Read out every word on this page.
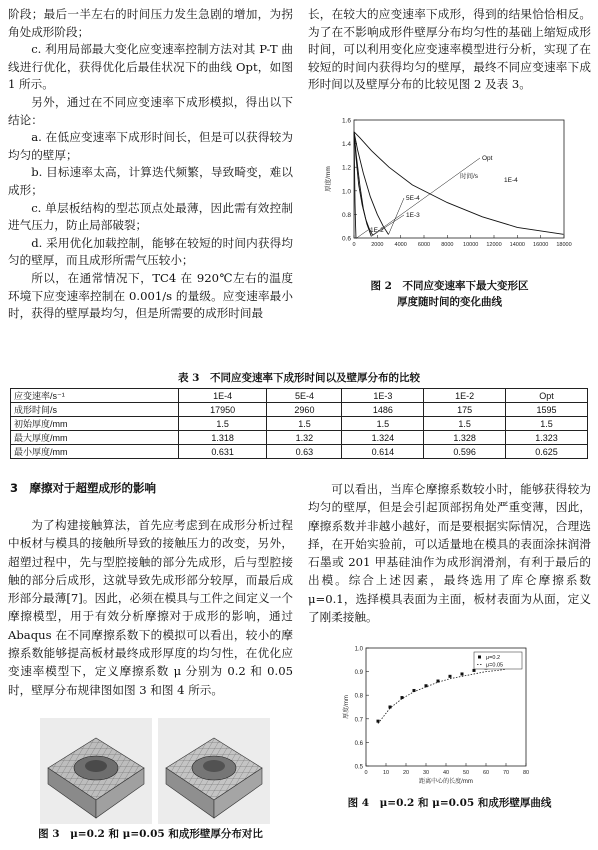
阶段；最后一半左右的时间压力发生急剧的增加，为拐角处成形阶段；

c. 利用局部最大变化应变速率控制方法对其 P-T 曲线进行优化，获得优化后最佳状况下的曲线 Opt，如图 1 所示。

另外，通过在不同应变速率下成形模拟，得出以下结论：

a. 在低应变速率下成形时间长，但是可以获得较为均匀的壁厚；

b. 目标速率太高，计算迭代频繁，导致畸变，难以成形；

c. 单层板结构的型芯顶点处最薄，因此需有效控制进气压力，防止局部破裂；

d. 采用优化加载控制，能够在较短的时间内获得均匀的壁厚，而且成形所需气压较小；

所以，在通常情况下，TC4 在 920℃左右的温度环境下应变速率控制在 0.001/s 的量级。应变速率最小时，获得的壁厚最均匀，但是所需要的成形时间最

长，在较大的应变速率下成形，得到的结果恰恰相反。为了在不影响成形件壁厚分布均匀性的基础上缩短成形时间，可以利用变化应变速率模型进行分析，实现了在较短的时间内获得均匀的壁厚，最终不同应变速率下成形时间以及壁厚分布的比较见图 2 及表 3。

0.6
0.8
1.0
1.2
1.4
1.6
0	2000 4000 6000 8000 10000 12000 14000 16000 18000
时间/s
厚度/mm	1E-4
5E-4
1E-3
1E-2
Opt
图 2　不同应变速率下最大变形区
厚度随时间的变化曲线
表 3　不同应变速率下成形时间以及壁厚分布的比较
应变速率/s⁻¹	1E-4	5E-4	1E-3	1E-2	Opt
成形时间/s	17950	2960	1486	175	1595
初始厚度/mm	1.5	1.5	1.5	1.5	1.5
最大厚度/mm	1.318	1.32	1.324	1.328	1.323
最小厚度/mm	0.631	0.63	0.614	0.596	0.625
3　摩擦对于超塑成形的影响

为了构建接触算法，首先应考虑到在成形分析过程中板材与模具的接触所导致的接触压力的改变，另外，超塑过程中，先与型腔接触的部分先成形，后与型腔接触的部分后成形，这就导致先成形部分较厚，而最后成形部分最薄[7]。因此，必须在模具与工件之间定义一个摩擦模型，用于有效分析摩擦对于成形的影响，通过 Abaqus 在不同摩擦系数下的模拟可以看出，较小的摩擦系数能够提高板材最终成形厚度的均匀性，在优化应变速率模型下，定义摩擦系数 μ 分别为 0.2 和 0.05 时，壁厚分布规律图如图 3 和图 4 所示。

可以看出，当库仑摩擦系数较小时，能够获得较为均匀的壁厚，但是会引起顶部拐角处严重变薄，因此，摩擦系数并非越小越好，而是要根据实际情况，合理选择，在开始实验前，可以适量地在模具的表面涂抹润滑石墨或 201 甲基硅油作为成形润滑剂，有利于最后的出模。综合上述因素，最终选用了库仑摩擦系数 μ=0.1，选择模具表面为主面，板材表面为从面，定义了刚柔接触。

图 3　μ=0.2 和 μ=0.05 和成形壁厚分布对比
0.5
0.6
0.7
0.8
0.9
1.0
0	10	20	30	40	50	60	70	80
距离中心的长度/mm
厚度/mm
μ=0.2
μ=0.05
图 4　μ=0.2 和 μ=0.05 和成形壁厚曲线
